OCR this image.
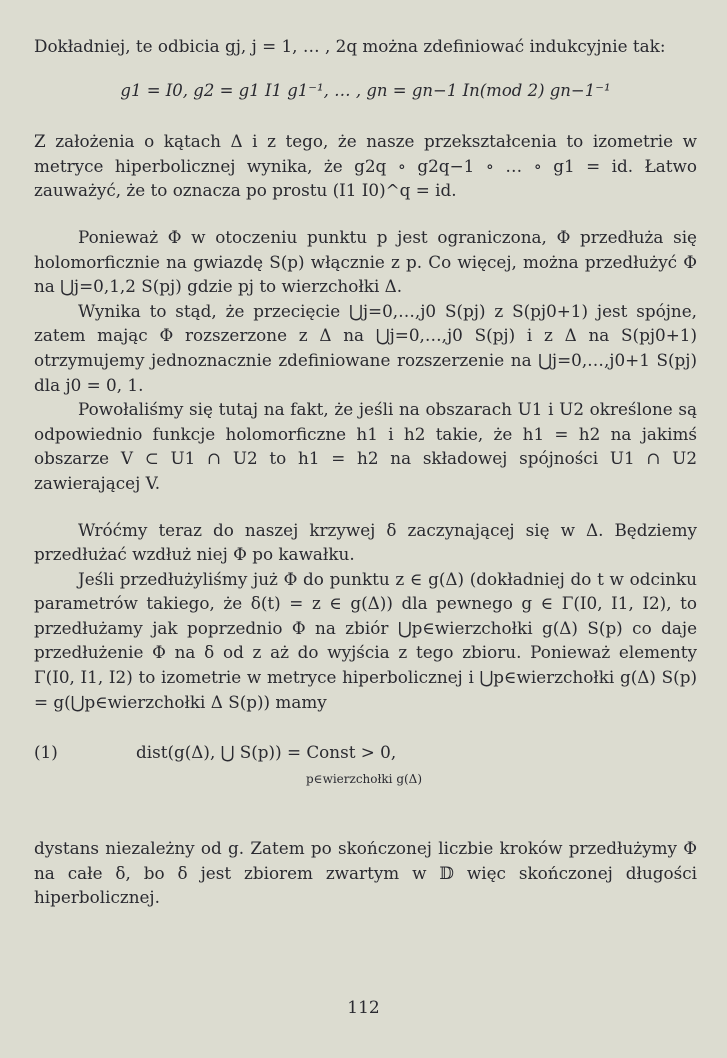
Dokładniej, te odbicia gj, j = 1, … , 2q można zdefiniować indukcyjnie tak:

g1 = I0, g2 = g1 I1 g1⁻¹, … , gn = gn−1 In(mod 2) gn−1⁻¹

Z założenia o kątach Δ i z tego, że nasze przekształcenia to izometrie w metryce hiperbolicznej wynika, że g2q ∘ g2q−1 ∘ … ∘ g1 = id. Łatwo zauważyć, że to oznacza po prostu (I1 I0)^q = id.

Ponieważ Φ w otoczeniu punktu p jest ograniczona, Φ przedłuża się holomorficznie na gwiazdę S(p) włącznie z p. Co więcej, można przedłużyć Φ na ⋃j=0,1,2 S(pj) gdzie pj to wierzchołki Δ.

Wynika to stąd, że przecięcie ⋃j=0,…,j0 S(pj) z S(pj0+1) jest spójne, zatem mając Φ rozszerzone z Δ na ⋃j=0,…,j0 S(pj) i z Δ na S(pj0+1) otrzymujemy jednoznacznie zdefiniowane rozszerzenie na ⋃j=0,…,j0+1 S(pj) dla j0 = 0, 1.

Powołaliśmy się tutaj na fakt, że jeśli na obszarach U1 i U2 określone są odpowiednio funkcje holomorficzne h1 i h2 takie, że h1 = h2 na jakimś obszarze V ⊂ U1 ∩ U2 to h1 = h2 na składowej spójności U1 ∩ U2 zawierającej V.

Wróćmy teraz do naszej krzywej δ zaczynającej się w Δ. Będziemy przedłużać wzdłuż niej Φ po kawałku.

Jeśli przedłużyliśmy już Φ do punktu z ∈ g(Δ) (dokładniej do t w odcinku parametrów takiego, że δ(t) = z ∈ g(Δ)) dla pewnego g ∈ Γ(I0, I1, I2), to przedłużamy jak poprzednio Φ na zbiór ⋃p∈wierzchołki g(Δ) S(p) co daje przedłużenie Φ na δ od z aż do wyjścia z tego zbioru. Ponieważ elementy Γ(I0, I1, I2) to izometrie w metryce hiperbolicznej i ⋃p∈wierzchołki g(Δ) S(p) = g(⋃p∈wierzchołki Δ S(p)) mamy

(1)	dist(g(Δ), ⋃ S(p)) = Const > 0,
p∈wierzchołki g(Δ)

dystans niezależny od g. Zatem po skończonej liczbie kroków przedłużymy Φ na całe δ, bo δ jest zbiorem zwartym w 𝔻 więc skończonej długości hiperbolicznej.

112
